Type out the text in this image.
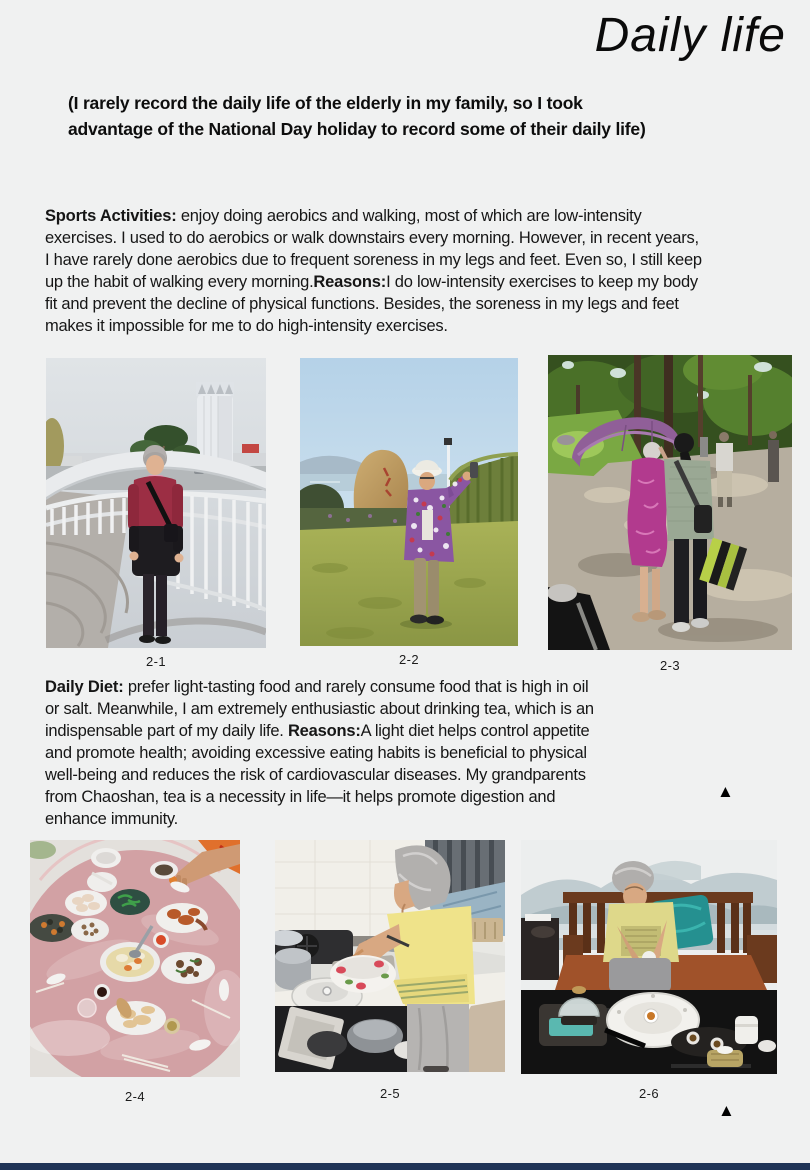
Daily life
(I rarely record the daily life of the elderly in my family, so I took
advantage of the National Day holiday to record some of their daily life)

Sports Activities: enjoy doing aerobics and walking, most of which are low-intensity exercises. I used to do aerobics or walk downstairs every morning. However, in recent years, I have rarely done aerobics due to frequent soreness in my legs and feet. Even so, I still keep up the habit of walking every morning.Reasons:I do low-intensity exercises to keep my body fit and prevent the decline of physical functions. Besides, the soreness in my legs and feet makes it impossible for me to do high-intensity exercises.

2-1	2-2	2-3

Daily Diet: prefer light-tasting food and rarely consume food that is high in oil or salt. Meanwhile, I am extremely enthusiastic about drinking tea, which is an indispensable part of my daily life. Reasons:A light diet helps control appetite and promote health; avoiding excessive eating habits is beneficial to physical well-being and reduces the risk of cardiovascular diseases. My grandparents from Chaoshan, tea is a necessity in life—it helps promote digestion and enhance immunity.

▲
2-4	2-5	2-6
▲
